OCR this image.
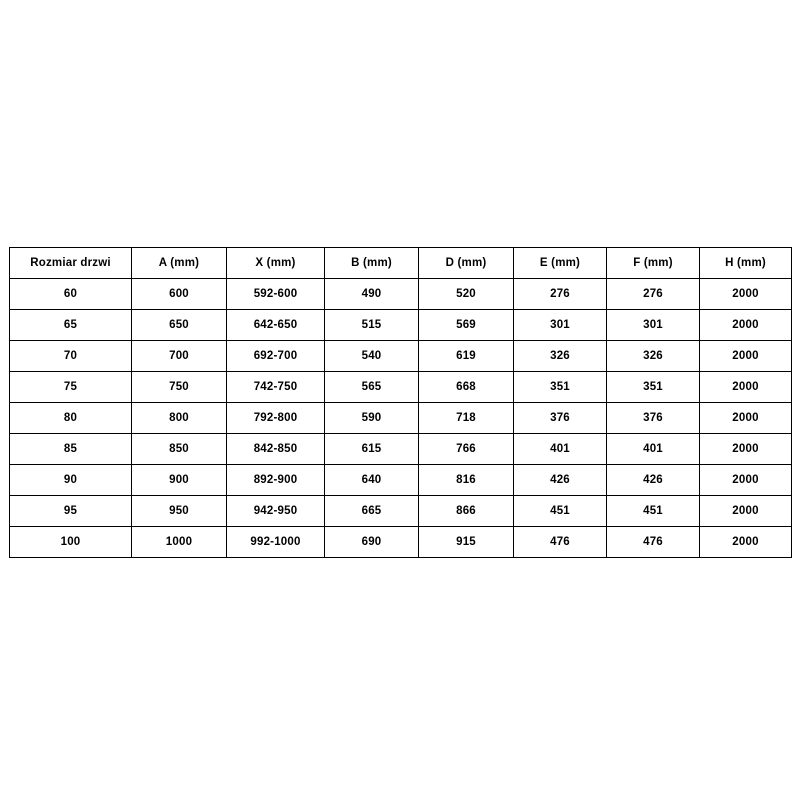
Rozmiar drzwi	A (mm)	X (mm)	B (mm)	D (mm)	E (mm)	F (mm)	H (mm)
60	600	592-600	490	520	276	276	2000
65	650	642-650	515	569	301	301	2000
70	700	692-700	540	619	326	326	2000
75	750	742-750	565	668	351	351	2000
80	800	792-800	590	718	376	376	2000
85	850	842-850	615	766	401	401	2000
90	900	892-900	640	816	426	426	2000
95	950	942-950	665	866	451	451	2000
100	1000	992-1000	690	915	476	476	2000
